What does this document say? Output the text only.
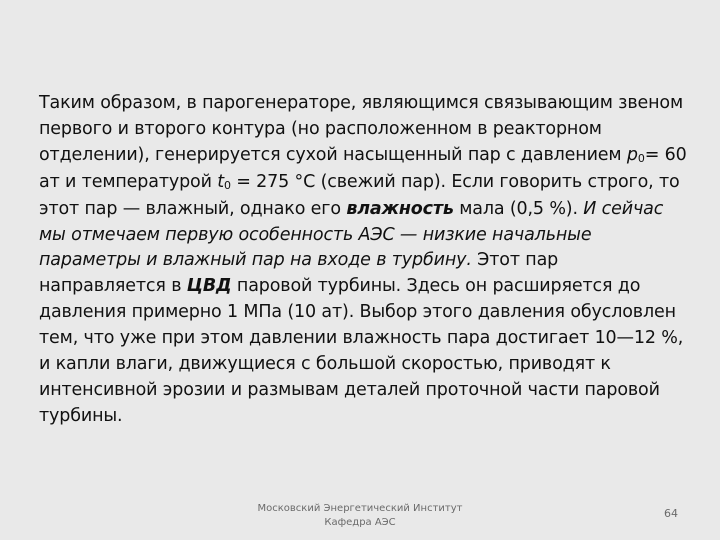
Таким образом, в парогенераторе, являющимся связывающим звеном первого и второго контура (но расположенном в реакторном отделении), генерируется сухой насыщенный пар с давлением p0= 60 ат и температурой t0 = 275 °С (свежий пар). Если говорить строго, то этот пар — влажный, однако его влажность мала (0,5 %). И сейчас мы отмечаем первую особенность АЭС — низкие начальные параметры и влажный пар на входе в турбину. Этот пар направляется в ЦВД паровой турбины. Здесь он расширяется до давления примерно 1 МПа (10 ат). Выбор этого давления обусловлен тем, что уже при этом давлении влажность пара достигает 10—12 %, и капли влаги, движущиеся с большой скоростью, приводят к интенсивной эрозии и размывам деталей проточной части паровой турбины.

Московский Энергетический Институт
Кафедра АЭС
64
